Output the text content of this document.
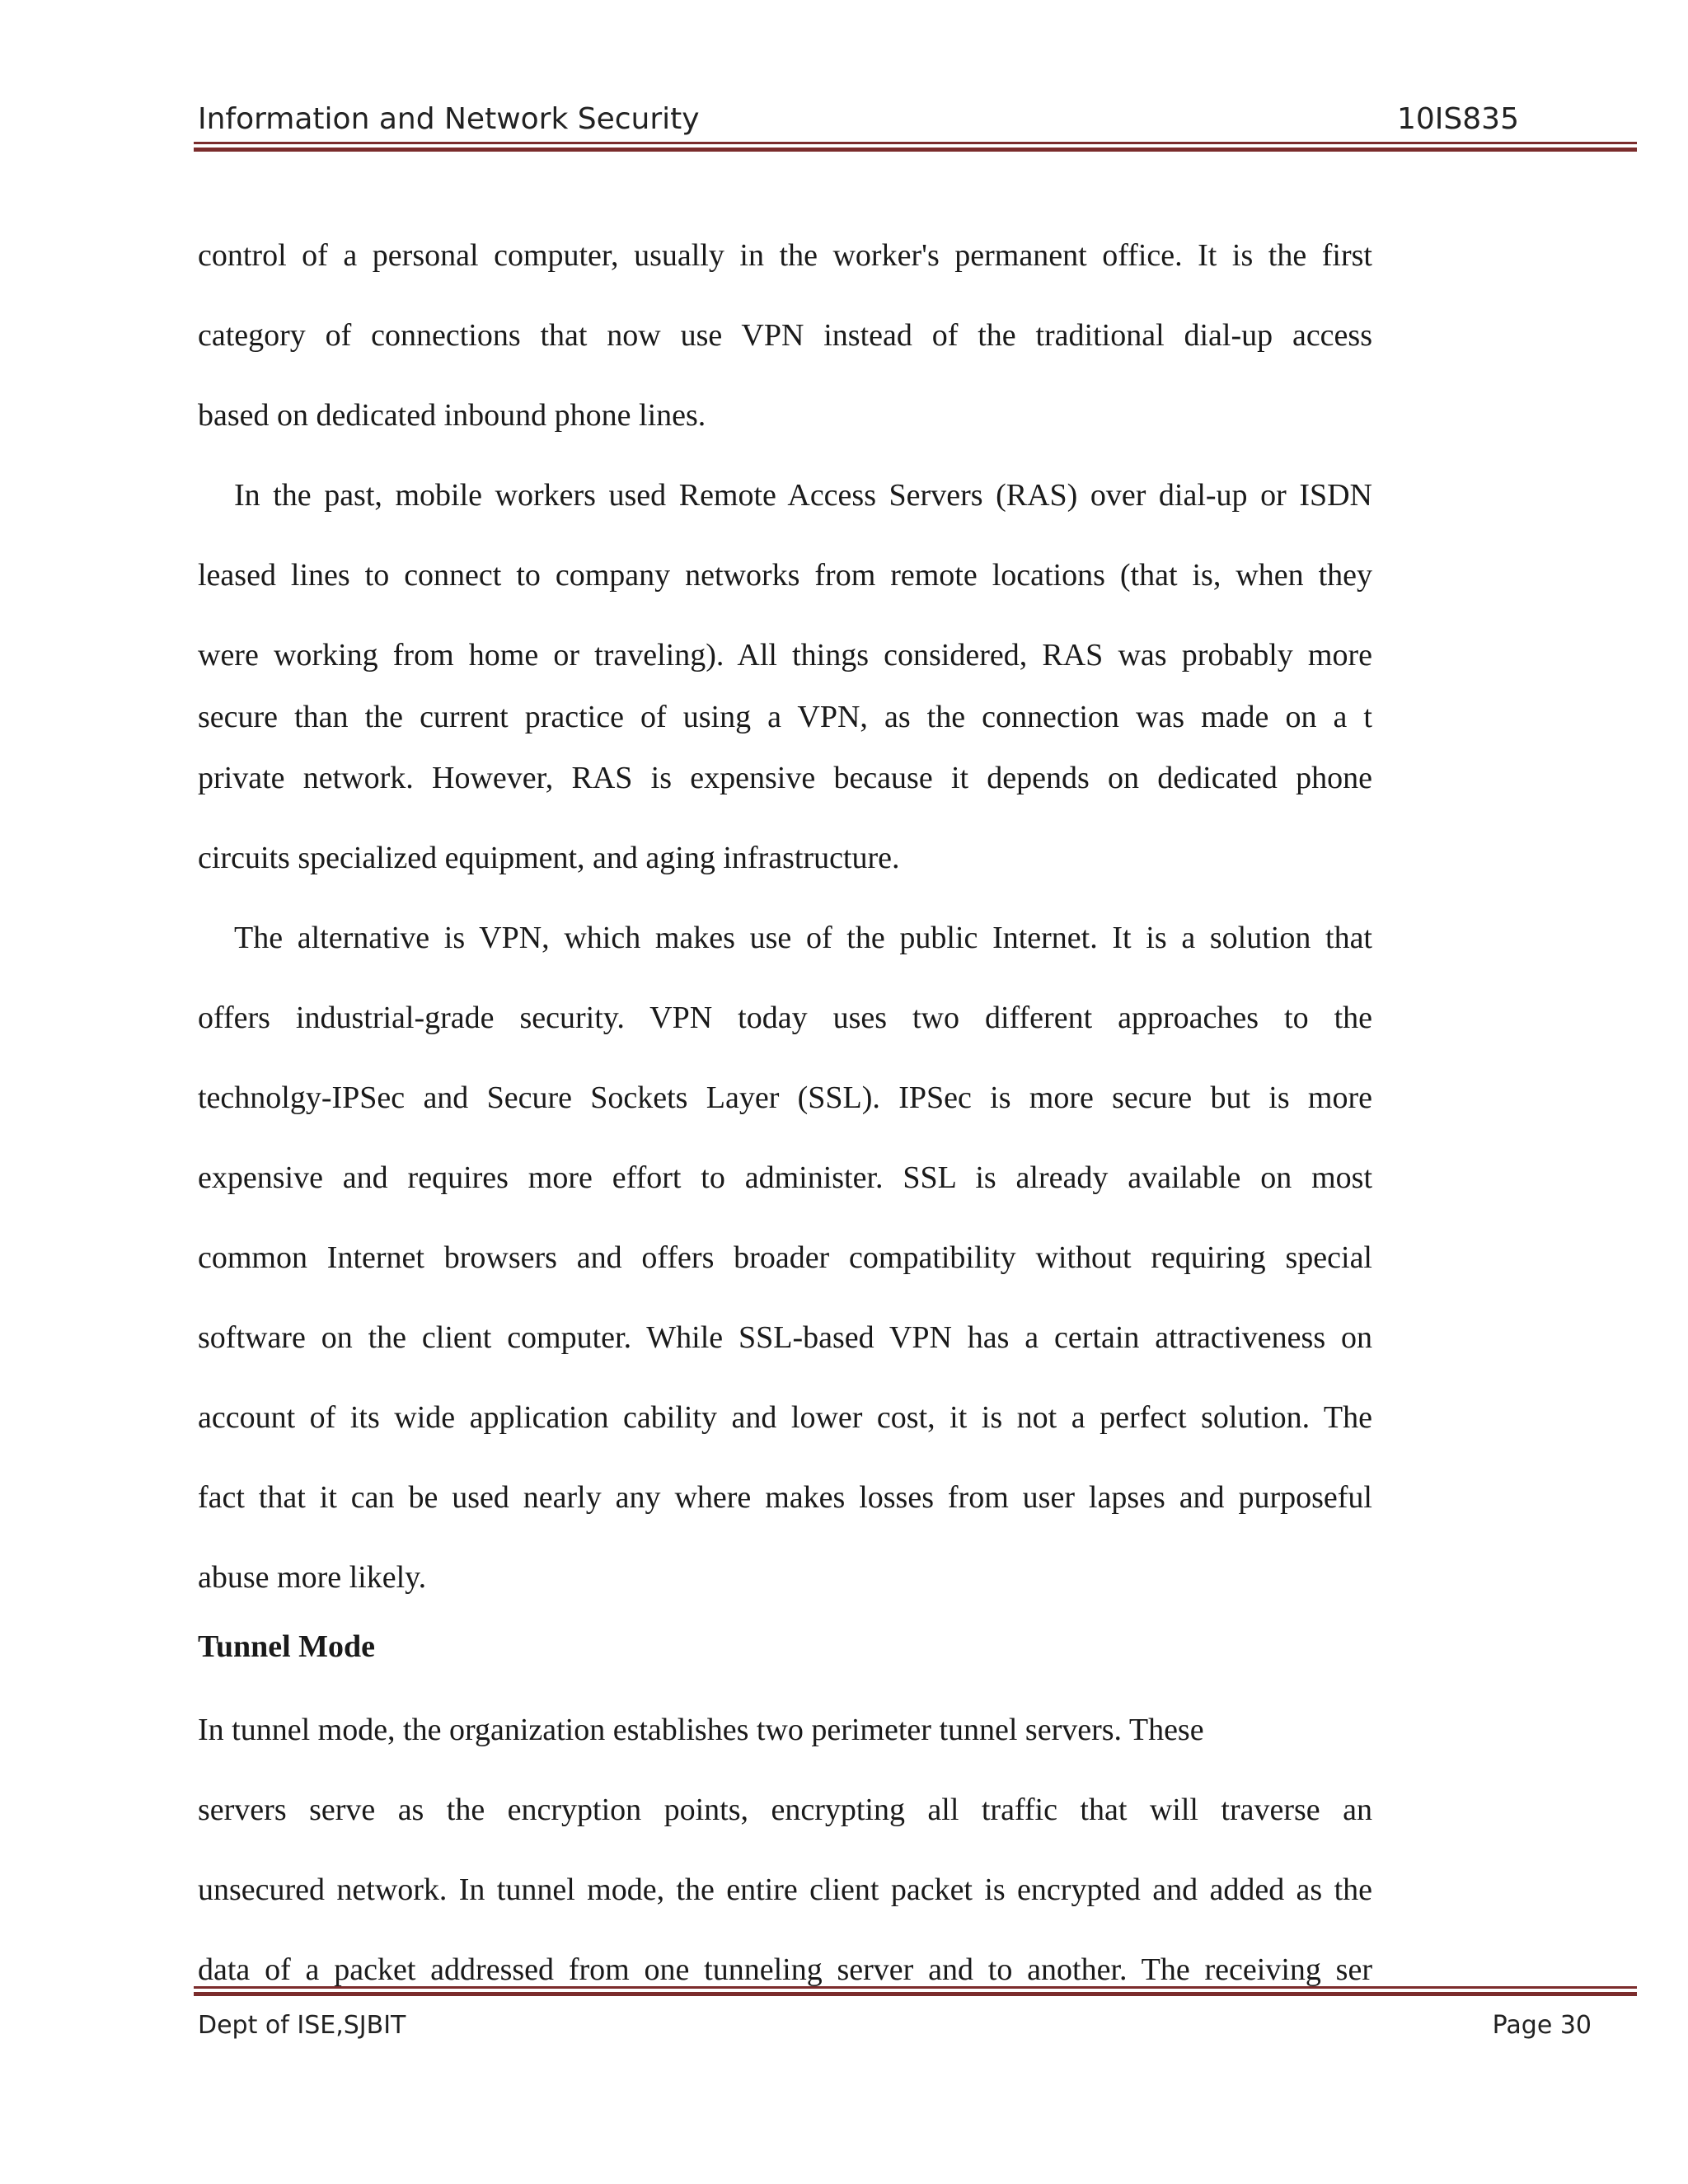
Information and Network Security	10IS835
control of a personal computer, usually in the worker's permanent office. It is the first
category of connections that now use VPN instead of the traditional dial-up access
based on dedicated inbound phone lines.
In the past, mobile workers used Remote Access Servers (RAS) over dial-up or ISDN
leased lines to connect to company networks from remote locations (that is, when they
were working from home or traveling). All things considered, RAS was probably more
secure than the current practice of using a VPN, as the connection was made on a t
private network. However, RAS is expensive because it depends on dedicated phone
circuits specialized equipment, and aging infrastructure.
The alternative is VPN, which makes use of the public Internet. It is a solution that
offers industrial-grade security. VPN today uses two different approaches to the
technolgy-IPSec and Secure Sockets Layer (SSL). IPSec is more secure but is more
expensive and requires more effort to administer. SSL is already available on most
common Internet browsers and offers broader compatibility without requiring special
software on the client computer. While SSL-based VPN has a certain attractiveness on
account of its wide application cability and lower cost, it is not a perfect solution. The
fact that it can be used nearly any where makes losses from user lapses and purposeful
abuse more likely.
Tunnel Mode
In tunnel mode, the organization establishes two perimeter tunnel servers. These
servers serve as the encryption points, encrypting all traffic that will traverse an
unsecured network. In tunnel mode, the entire client packet is encrypted and added as the
data of a packet addressed from one tunneling server and to another. The receiving ser
Dept of ISE,SJBIT	Page 30
